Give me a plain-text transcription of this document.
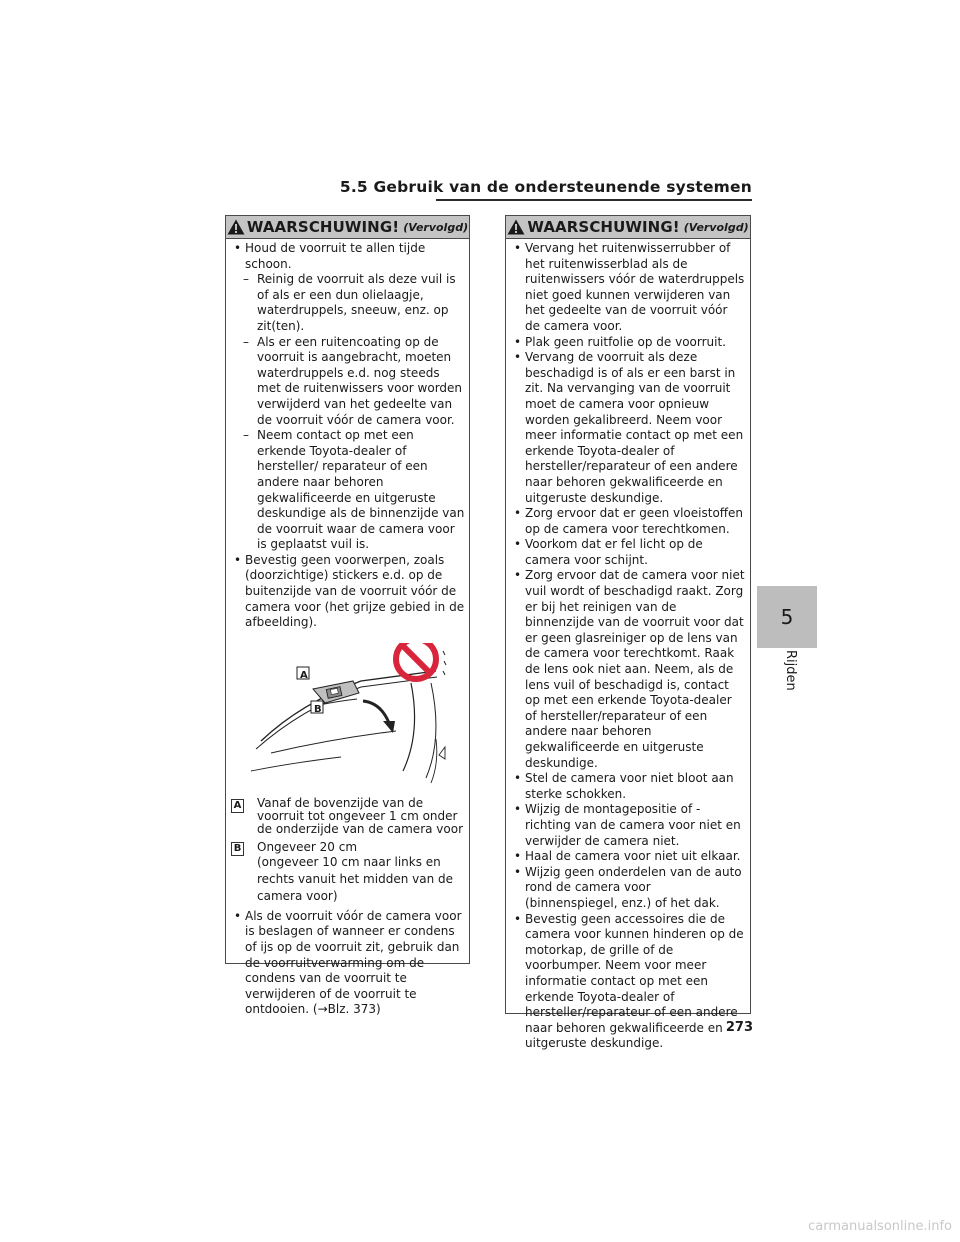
5.5 Gebruik van de ondersteunende systemen
5
Rijden
WAARSCHUWING! (Vervolgd)
• Houd de voorruit te allen tijde schoon.
– Reinig de voorruit als deze vuil is of als er een dun olielaagje, waterdruppels, sneeuw, enz. op zit(ten).
– Als er een ruitencoating op de voorruit is aangebracht, moeten waterdruppels e.d. nog steeds met de ruitenwissers voor worden verwijderd van het gedeelte van de voorruit vóór de camera voor.
– Neem contact op met een erkende Toyota-dealer of hersteller/ reparateur of een andere naar behoren gekwalificeerde en uitgeruste deskundige als de binnenzijde van de voorruit waar de camera voor is geplaatst vuil is.
• Bevestig geen voorwerpen, zoals (doorzichtige) stickers e.d. op de buitenzijde van de voorruit vóór de camera voor (het grijze gebied in de afbeelding).
A
B
A Vanaf de bovenzijde van de voorruit tot ongeveer 1 cm onder de onderzijde van de camera voor
B Ongeveer 20 cm
(ongeveer 10 cm naar links en rechts vanuit het midden van de camera voor)
• Als de voorruit vóór de camera voor is beslagen of wanneer er condens of ijs op de voorruit zit, gebruik dan de voorruitverwarming om de condens van de voorruit te verwijderen of de voorruit te ontdooien. (→Blz. 373)
WAARSCHUWING! (Vervolgd)
• Vervang het ruitenwisserrubber of het ruitenwisserblad als de ruitenwissers vóór de waterdruppels niet goed kunnen verwijderen van het gedeelte van de voorruit vóór de camera voor.
• Plak geen ruitfolie op de voorruit.
• Vervang de voorruit als deze beschadigd is of als er een barst in zit. Na vervanging van de voorruit moet de camera voor opnieuw worden gekalibreerd. Neem voor meer informatie contact op met een erkende Toyota-dealer of hersteller/reparateur of een andere naar behoren gekwalificeerde en uitgeruste deskundige.
• Zorg ervoor dat er geen vloeistoffen op de camera voor terechtkomen.
• Voorkom dat er fel licht op de camera voor schijnt.
• Zorg ervoor dat de camera voor niet vuil wordt of beschadigd raakt. Zorg er bij het reinigen van de binnenzijde van de voorruit voor dat er geen glasreiniger op de lens van de camera voor terechtkomt. Raak de lens ook niet aan. Neem, als de lens vuil of beschadigd is, contact op met een erkende Toyota-dealer of hersteller/reparateur of een andere naar behoren gekwalificeerde en uitgeruste deskundige.
• Stel de camera voor niet bloot aan sterke schokken.
• Wijzig de montagepositie of -richting van de camera voor niet en verwijder de camera niet.
• Haal de camera voor niet uit elkaar.
• Wijzig geen onderdelen van de auto rond de camera voor (binnenspiegel, enz.) of het dak.
• Bevestig geen accessoires die de camera voor kunnen hinderen op de motorkap, de grille of de voorbumper. Neem voor meer informatie contact op met een erkende Toyota-dealer of hersteller/reparateur of een andere naar behoren gekwalificeerde en uitgeruste deskundige.
273
carmanualsonline.info
